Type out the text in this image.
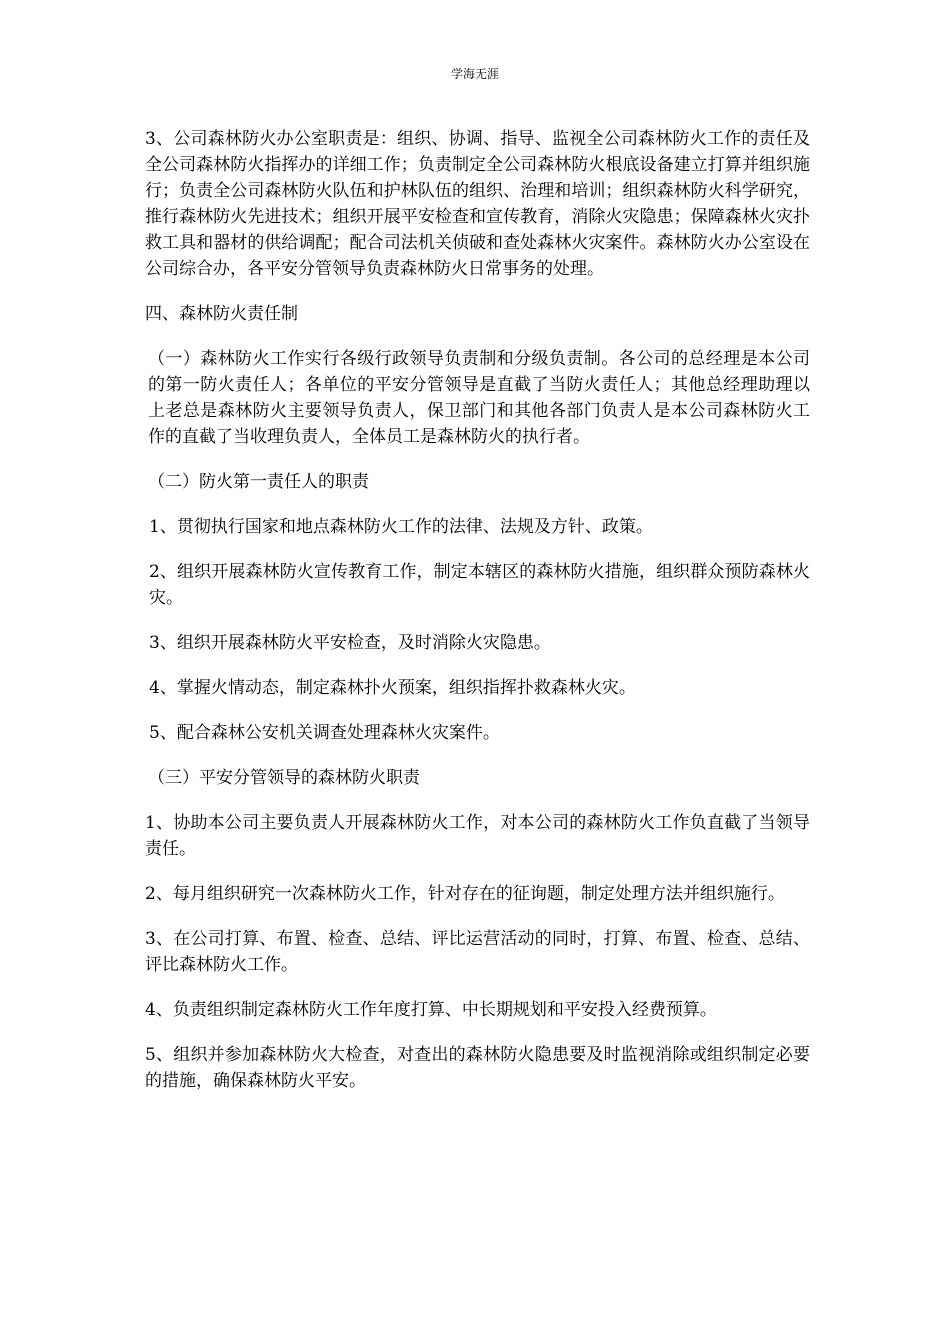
学海无涯

3、公司森林防火办公室职责是：组织、协调、指导、监视全公司森林防火工作的责任及全公司森林防火指挥办的详细工作；负责制定全公司森林防火根底设备建立打算并组织施行；负责全公司森林防火队伍和护林队伍的组织、治理和培训；组织森林防火科学研究，推行森林防火先进技术；组织开展平安检查和宣传教育，消除火灾隐患；保障森林火灾扑救工具和器材的供给调配；配合司法机关侦破和查处森林火灾案件。森林防火办公室设在公司综合办，各平安分管领导负责森林防火日常事务的处理。

四、森林防火责任制

（一）森林防火工作实行各级行政领导负责制和分级负责制。各公司的总经理是本公司的第一防火责任人；各单位的平安分管领导是直截了当防火责任人；其他总经理助理以上老总是森林防火主要领导负责人，保卫部门和其他各部门负责人是本公司森林防火工作的直截了当收理负责人，全体员工是森林防火的执行者。

（二）防火第一责任人的职责

1、贯彻执行国家和地点森林防火工作的法律、法规及方针、政策。

2、组织开展森林防火宣传教育工作，制定本辖区的森林防火措施，组织群众预防森林火灾。

3、组织开展森林防火平安检查，及时消除火灾隐患。

4、掌握火情动态，制定森林扑火预案，组织指挥扑救森林火灾。

5、配合森林公安机关调查处理森林火灾案件。

（三）平安分管领导的森林防火职责

1、协助本公司主要负责人开展森林防火工作，对本公司的森林防火工作负直截了当领导责任。

2、每月组织研究一次森林防火工作，针对存在的征询题，制定处理方法并组织施行。

3、在公司打算、布置、检查、总结、评比运营活动的同时，打算、布置、检查、总结、评比森林防火工作。

4、负责组织制定森林防火工作年度打算、中长期规划和平安投入经费预算。

5、组织并参加森林防火大检查，对查出的森林防火隐患要及时监视消除或组织制定必要的措施，确保森林防火平安。
